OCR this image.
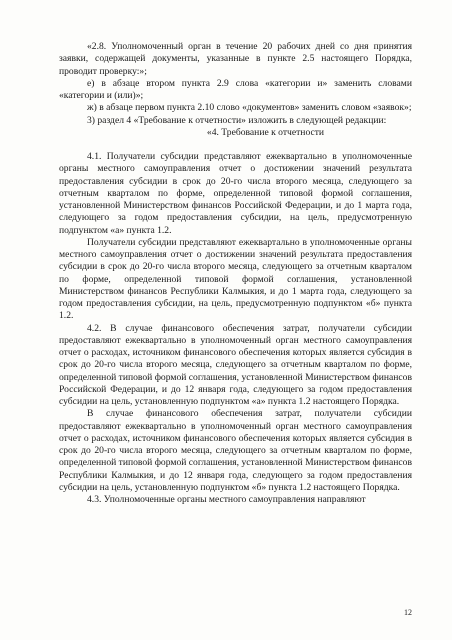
«2.8. Уполномоченный орган в течение 20 рабочих дней со дня принятия заявки, содержащей документы, указанные в пункте 2.5 настоящего Порядка, проводит проверку:»;

е) в абзаце втором пункта 2.9 слова «категории и» заменить словами «категории и (или)»;

ж) в абзаце первом пункта 2.10 слово «документов» заменить словом «заявок»;

3) раздел 4 «Требование к отчетности» изложить в следующей редакции:

«4. Требование к отчетности

4.1. Получатели субсидии представляют ежеквартально в уполномоченные органы местного самоуправления отчет о достижении значений результата предоставления субсидии в срок до 20-го числа второго месяца, следующего за отчетным кварталом по форме, определенной типовой формой соглашения, установленной Министерством финансов Российской Федерации, и до 1 марта года, следующего за годом предоставления субсидии, на цель, предусмотренную подпунктом «а» пункта 1.2.

Получатели субсидии представляют ежеквартально в уполномоченные органы местного самоуправления отчет о достижении значений результата предоставления субсидии в срок до 20-го числа второго месяца, следующего за отчетным кварталом по форме, определенной типовой формой соглашения, установленной Министерством финансов Республики Калмыкия, и до 1 марта года, следующего за годом предоставления субсидии, на цель, предусмотренную подпунктом «б» пункта 1.2.

4.2. В случае финансового обеспечения затрат, получатели субсидии предоставляют ежеквартально в уполномоченный орган местного самоуправления отчет о расходах, источником финансового обеспечения которых является субсидия в срок до 20-го числа второго месяца, следующего за отчетным кварталом по форме, определенной типовой формой соглашения, установленной Министерством финансов Российской Федерации, и до 12 января года, следующего за годом предоставления субсидии на цель, установленную подпунктом «а» пункта 1.2 настоящего Порядка.

В случае финансового обеспечения затрат, получатели субсидии предоставляют ежеквартально в уполномоченный орган местного самоуправления отчет о расходах, источником финансового обеспечения которых является субсидия в срок до 20-го числа второго месяца, следующего за отчетным кварталом по форме, определенной типовой формой соглашения, установленной Министерством финансов Республики Калмыкия, и до 12 января года, следующего за годом предоставления субсидии на цель, установленную подпунктом «б» пункта 1.2 настоящего Порядка.

4.3. Уполномоченные органы местного самоуправления направляют

12
